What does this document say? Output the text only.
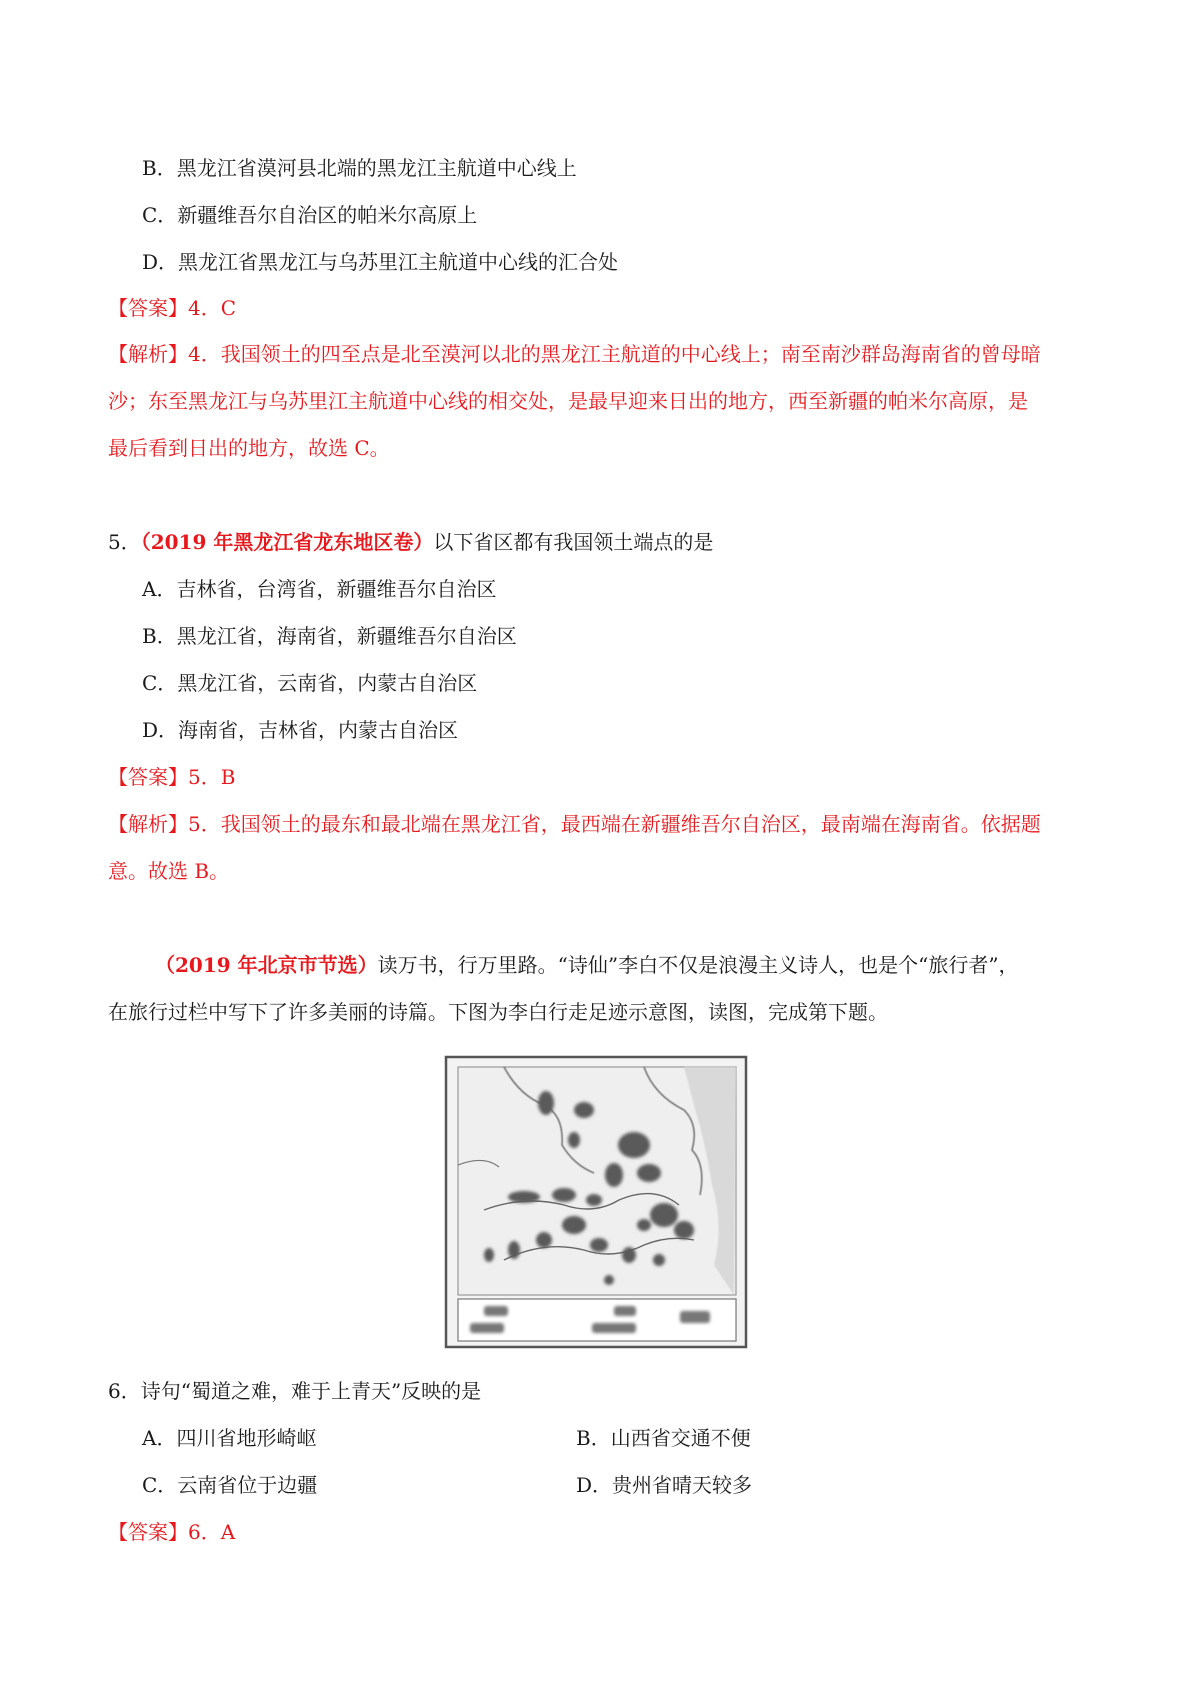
B．黑龙江省漠河县北端的黑龙江主航道中心线上
C．新疆维吾尔自治区的帕米尔高原上
D．黑龙江省黑龙江与乌苏里江主航道中心线的汇合处
【答案】4．C
【解析】4．我国领土的四至点是北至漠河以北的黑龙江主航道的中心线上；南至南沙群岛海南省的曾母暗
沙；东至黑龙江与乌苏里江主航道中心线的相交处，是最早迎来日出的地方，西至新疆的帕米尔高原，是
最后看到日出的地方，故选 C。
5．（2019 年黑龙江省龙东地区卷）以下省区都有我国领土端点的是
A．吉林省，台湾省，新疆维吾尔自治区
B．黑龙江省，海南省，新疆维吾尔自治区
C．黑龙江省，云南省，内蒙古自治区
D．海南省，吉林省，内蒙古自治区
【答案】5．B
【解析】5．我国领土的最东和最北端在黑龙江省，最西端在新疆维吾尔自治区，最南端在海南省。依据题
意。故选 B。
（2019 年北京市节选）读万书，行万里路。“诗仙”李白不仅是浪漫主义诗人，也是个“旅行者”，
在旅行过栏中写下了许多美丽的诗篇。下图为李白行走足迹示意图，读图，完成第下题。
6．诗句“蜀道之难，难于上青天”反映的是
A．四川省地形崎岖	B．山西省交通不便
C．云南省位于边疆	D．贵州省晴天较多
【答案】6．A
